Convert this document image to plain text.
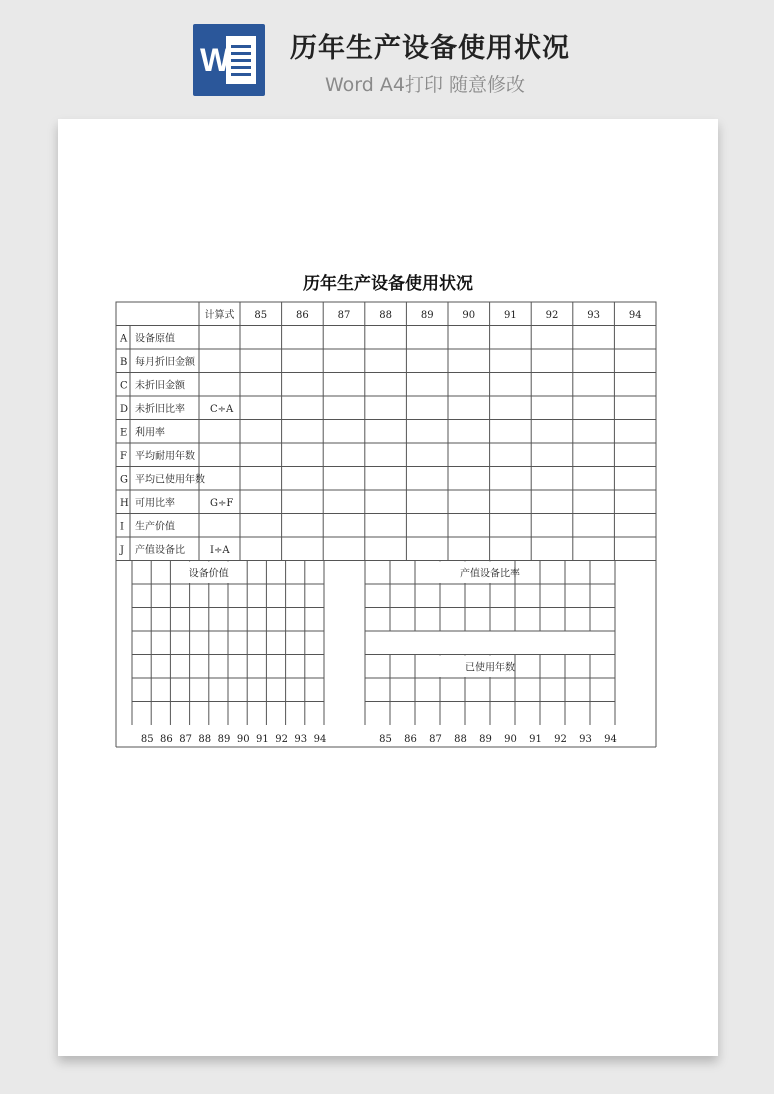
W 历年生产设备使用状况
Word A4打印 随意修改
历年生产设备使用状况
计算式 85	86	87	88	89	90	91	92	93	94
A 设备原值
B 每月折旧金额
C 未折旧金额
D 未折旧比率	C÷A
E 利用率
F 平均耐用年数
G 平均已使用年数
H 可用比率	G÷F
I 生产价值
J 产值设备比	I÷A
设备价值
85 86 87 88 89 90 91 92 93 94
产值设备比率
已使用年数
85 86 87 88 89 90 91 92 93 94
